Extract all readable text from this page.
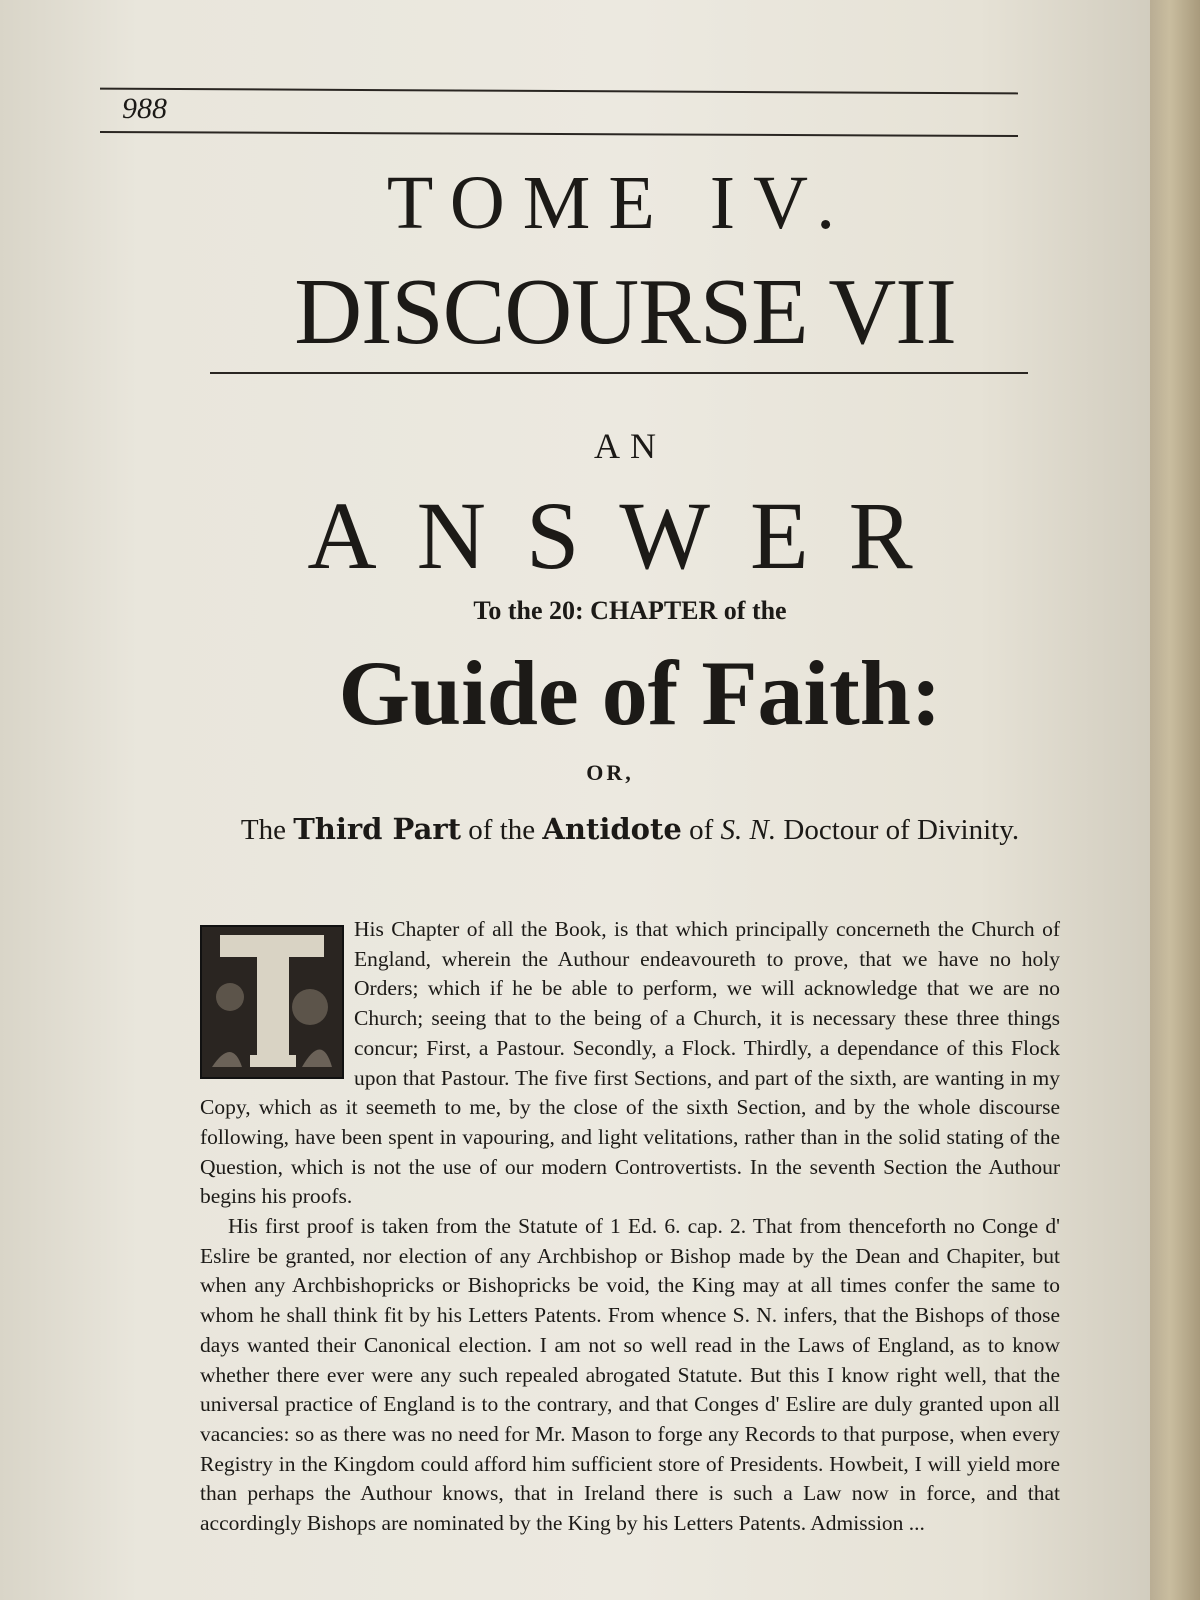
988
TOME IV.
DISCOURSE VII
AN
ANSWER
To the 20: CHAPTER of the
Guide of Faith:
OR,
The Third Part of the Antidote of S. N. Doctour of Divinity.

His Chapter of all the Book, is that which principally concerneth the Church of England, wherein the Authour endeavoureth to prove, that we have no holy Orders; which if he be able to perform, we will acknowledge that we are no Church; seeing that to the being of a Church, it is necessary these three things concur; First, a Pastour. Secondly, a Flock. Thirdly, a dependance of this Flock upon that Pastour. The five first Sections, and part of the sixth, are wanting in my Copy, which as it seemeth to me, by the close of the sixth Section, and by the whole discourse following, have been spent in vapouring, and light velitations, rather than in the solid stating of the Question, which is not the use of our modern Controvertists. In the seventh Section the Authour begins his proofs.

His first proof is taken from the Statute of 1 Ed. 6. cap. 2. That from thenceforth no Conge d' Eslire be granted, nor election of any Archbishop or Bishop made by the Dean and Chapiter, but when any Archbishopricks or Bishopricks be void, the King may at all times confer the same to whom he shall think fit by his Letters Patents. From whence S. N. infers, that the Bishops of those days wanted their Canonical election. I am not so well read in the Laws of England, as to know whether there ever were any such repealed abrogated Statute. But this I know right well, that the universal practice of England is to the contrary, and that Conges d' Eslire are duly granted upon all vacancies: so as there was no need for Mr. Mason to forge any Records to that purpose, when every Registry in the Kingdom could afford him sufficient store of Presidents. Howbeit, I will yield more than perhaps the Authour knows, that in Ireland there is such a Law now in force, and that accordingly Bishops are nominated by the King by his Letters Patents. Admission ...
